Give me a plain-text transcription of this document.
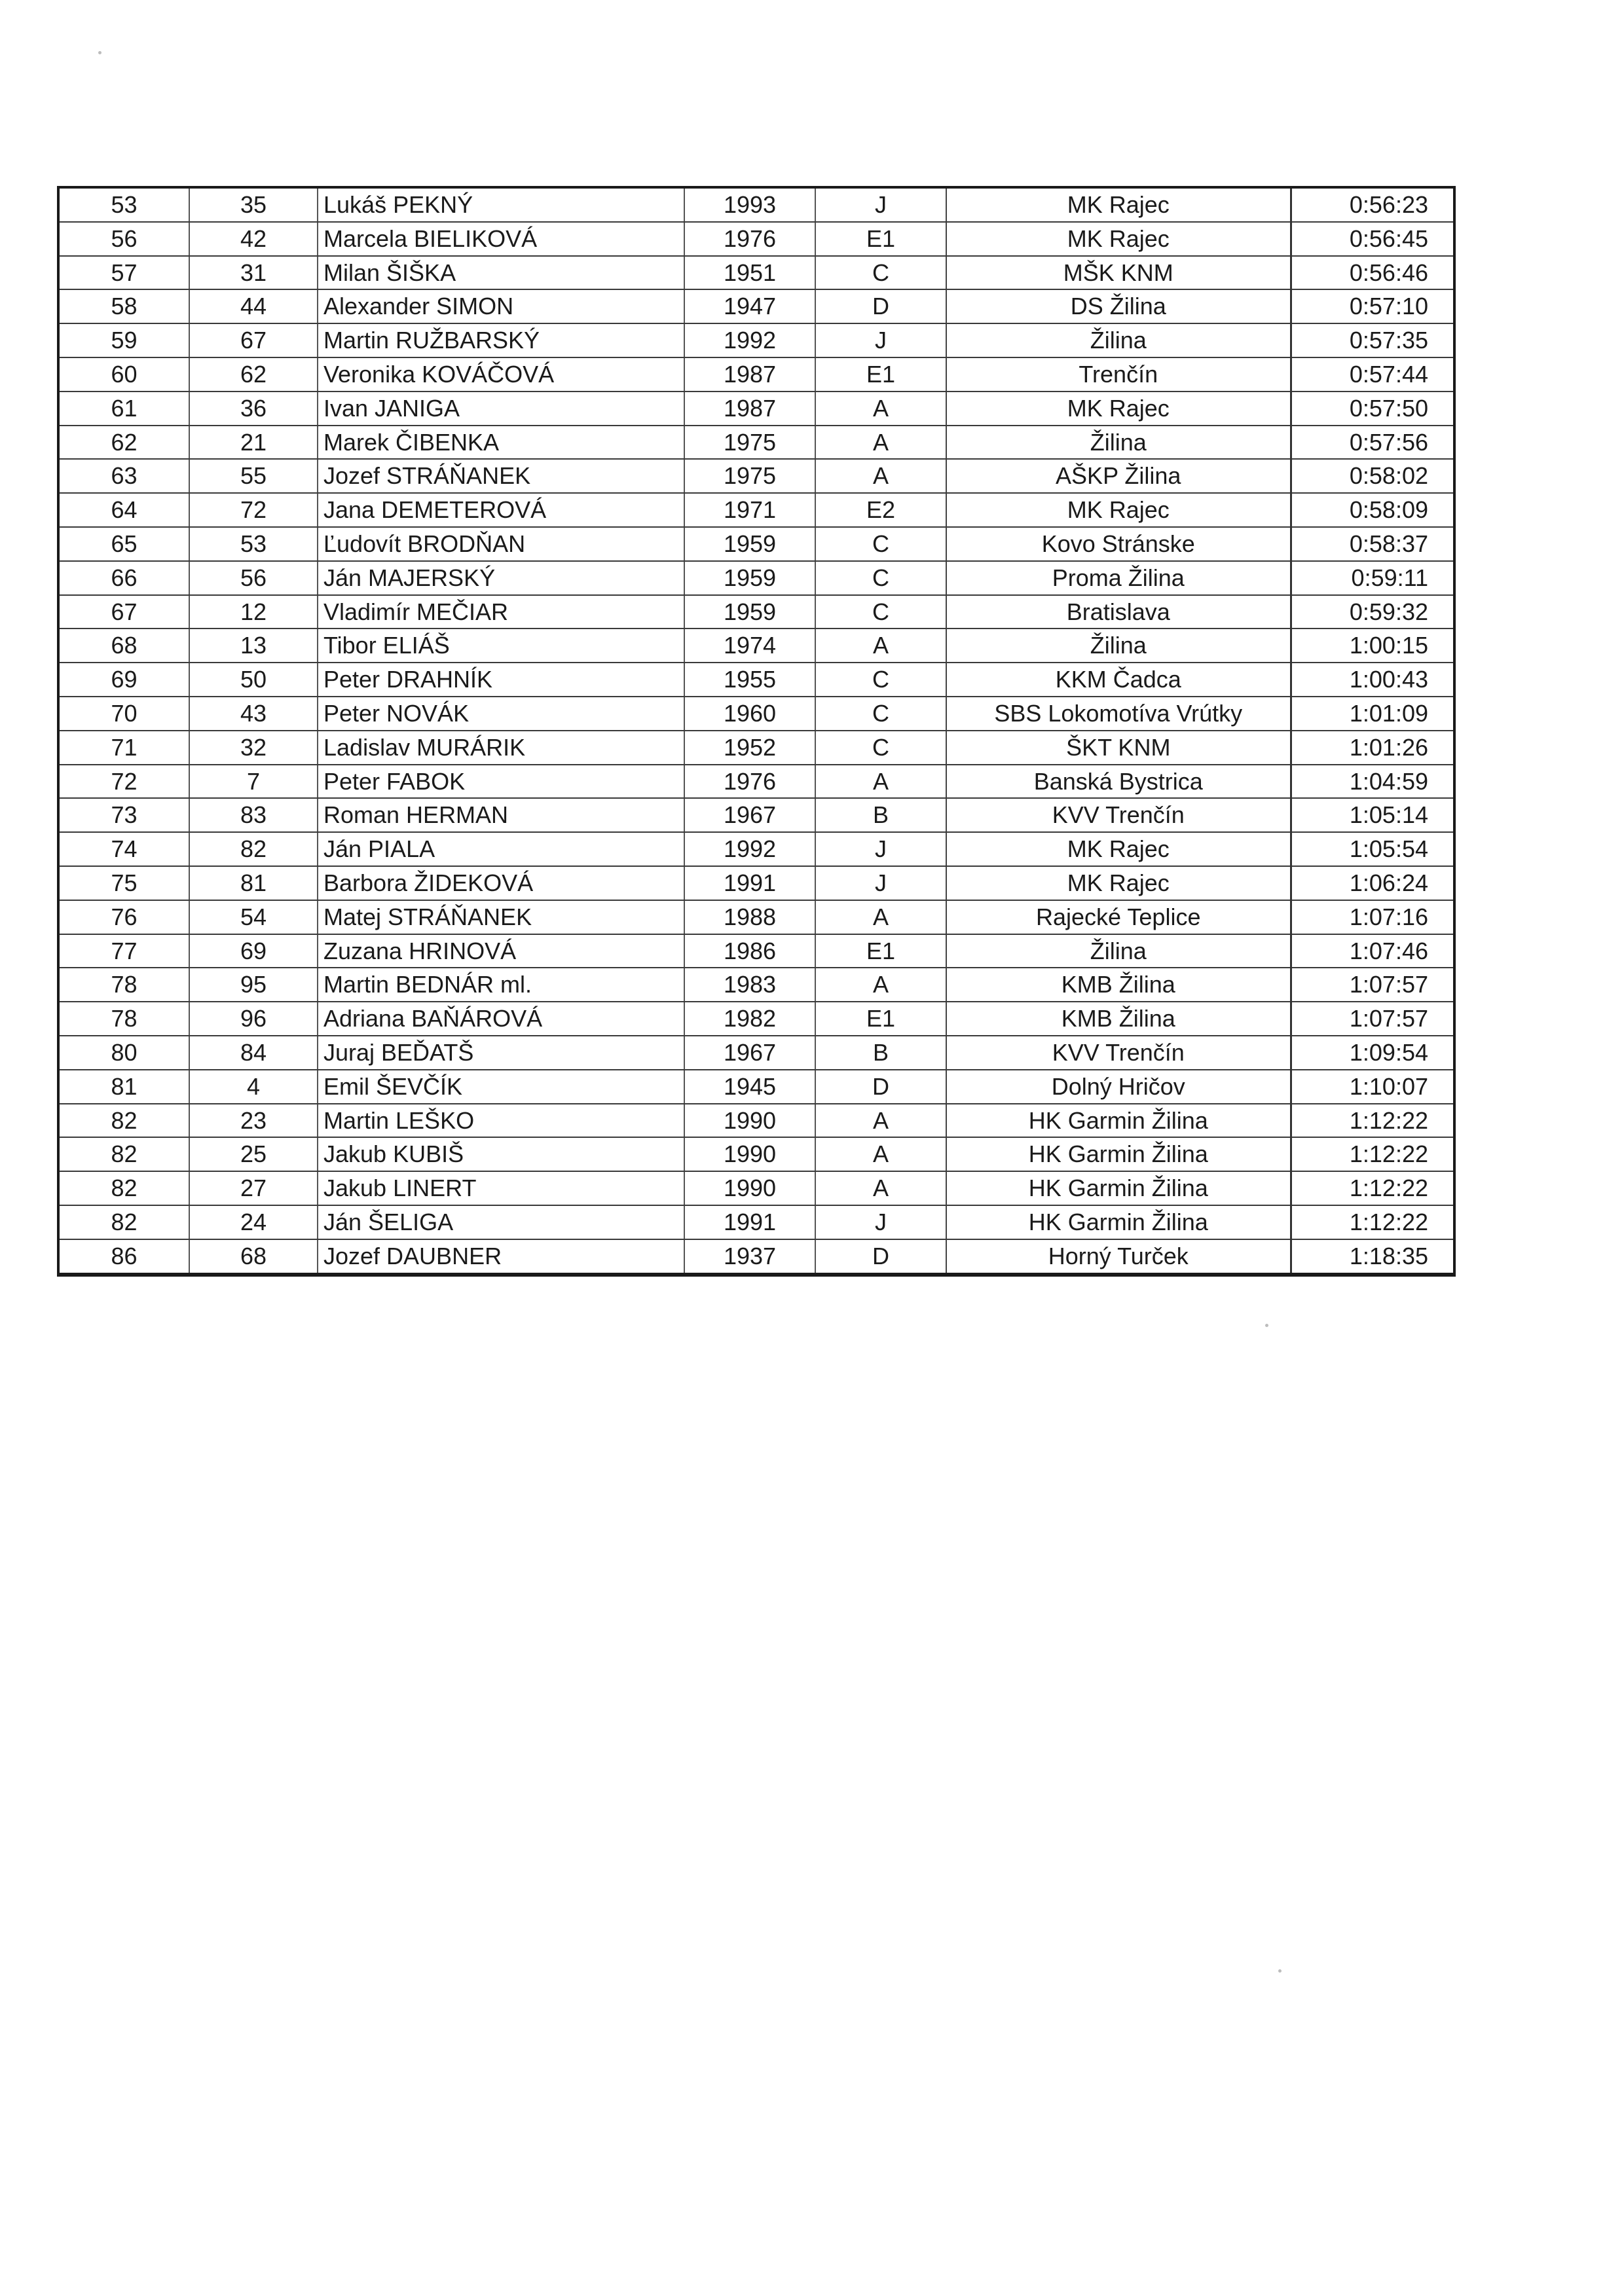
53	35	Lukáš PEKNÝ	1993	J	MK Rajec	0:56:23
56	42	Marcela BIELIKOVÁ	1976	E1	MK Rajec	0:56:45
57	31	Milan ŠIŠKA	1951	C	MŠK KNM	0:56:46
58	44	Alexander SIMON	1947	D	DS Žilina	0:57:10
59	67	Martin RUŽBARSKÝ	1992	J	Žilina	0:57:35
60	62	Veronika KOVÁČOVÁ	1987	E1	Trenčín	0:57:44
61	36	Ivan JANIGA	1987	A	MK Rajec	0:57:50
62	21	Marek ČIBENKA	1975	A	Žilina	0:57:56
63	55	Jozef STRÁŇANEK	1975	A	AŠKP Žilina	0:58:02
64	72	Jana DEMETEROVÁ	1971	E2	MK Rajec	0:58:09
65	53	Ľudovít BRODŇAN	1959	C	Kovo Stránske	0:58:37
66	56	Ján MAJERSKÝ	1959	C	Proma Žilina	0:59:11
67	12	Vladimír MEČIAR	1959	C	Bratislava	0:59:32
68	13	Tibor ELIÁŠ	1974	A	Žilina	1:00:15
69	50	Peter DRAHNÍK	1955	C	KKM Čadca	1:00:43
70	43	Peter NOVÁK	1960	C	SBS Lokomotíva Vrútky	1:01:09
71	32	Ladislav MURÁRIK	1952	C	ŠKT KNM	1:01:26
72	7	Peter FABOK	1976	A	Banská Bystrica	1:04:59
73	83	Roman HERMAN	1967	B	KVV Trenčín	1:05:14
74	82	Ján PIALA	1992	J	MK Rajec	1:05:54
75	81	Barbora ŽIDEKOVÁ	1991	J	MK Rajec	1:06:24
76	54	Matej STRÁŇANEK	1988	A	Rajecké Teplice	1:07:16
77	69	Zuzana HRINOVÁ	1986	E1	Žilina	1:07:46
78	95	Martin BEDNÁR ml.	1983	A	KMB Žilina	1:07:57
78	96	Adriana BAŇÁROVÁ	1982	E1	KMB Žilina	1:07:57
80	84	Juraj BEĎATŠ	1967	B	KVV Trenčín	1:09:54
81	4	Emil ŠEVČÍK	1945	D	Dolný Hričov	1:10:07
82	23	Martin LEŠKO	1990	A	HK Garmin Žilina	1:12:22
82	25	Jakub KUBIŠ	1990	A	HK Garmin Žilina	1:12:22
82	27	Jakub LINERT	1990	A	HK Garmin Žilina	1:12:22
82	24	Ján ŠELIGA	1991	J	HK Garmin Žilina	1:12:22
86	68	Jozef DAUBNER	1937	D	Horný Turček	1:18:35
